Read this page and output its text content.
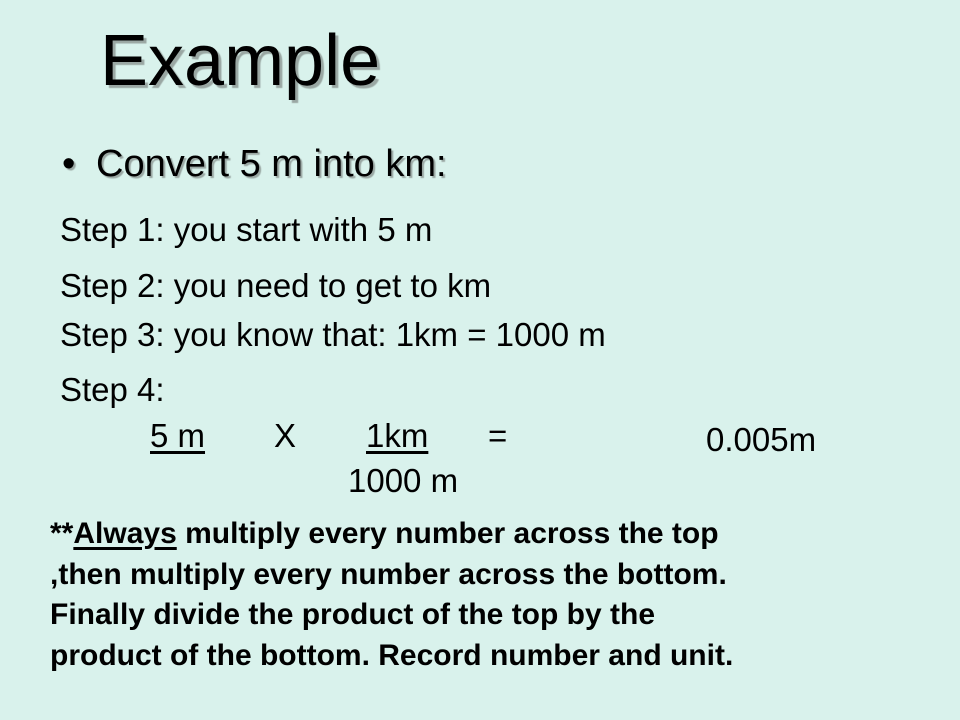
Example
• Convert 5 m into km:
Step 1: you start with 5 m
Step 2: you need to get to km
Step 3: you know that: 1km = 1000 m
Step 4:
5 m X 1km =
1000 m
0.005m
**Always multiply every number across the top
,then multiply every number across the bottom.
Finally divide the product of the top by the
product of the bottom. Record number and unit.
